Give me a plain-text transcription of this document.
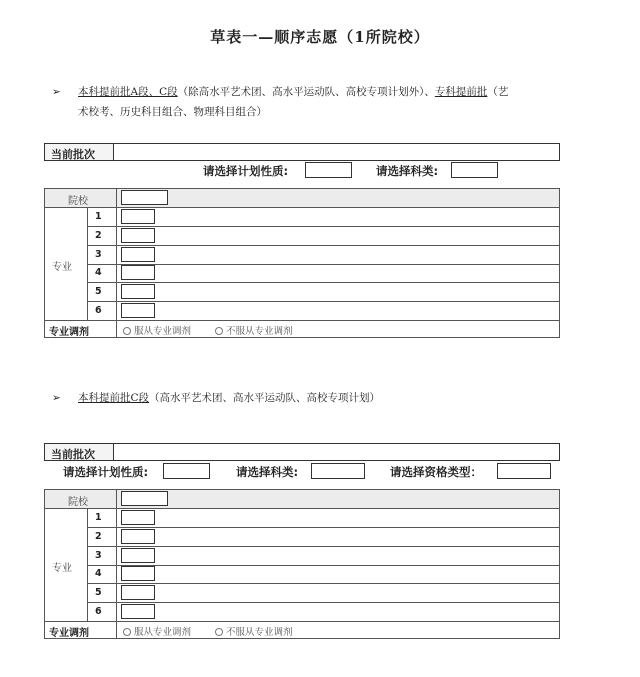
草表一—顺序志愿（1所院校）
➢ 本科提前批A段、C段（除高水平艺术团、高水平运动队、高校专项计划外）、专科提前批（艺
术校考、历史科目组合、物理科目组合）
当前批次
请选择计划性质:	请选择科类:
院校
专业
1
2
3
4
5
6
专业调剂	服从专业调剂	不服从专业调剂
➢ 本科提前批C段（高水平艺术团、高水平运动队、高校专项计划）
当前批次
请选择计划性质:	请选择科类:	请选择资格类型：
院校
专业
1
2
3
4
5
6
专业调剂	服从专业调剂	不服从专业调剂
